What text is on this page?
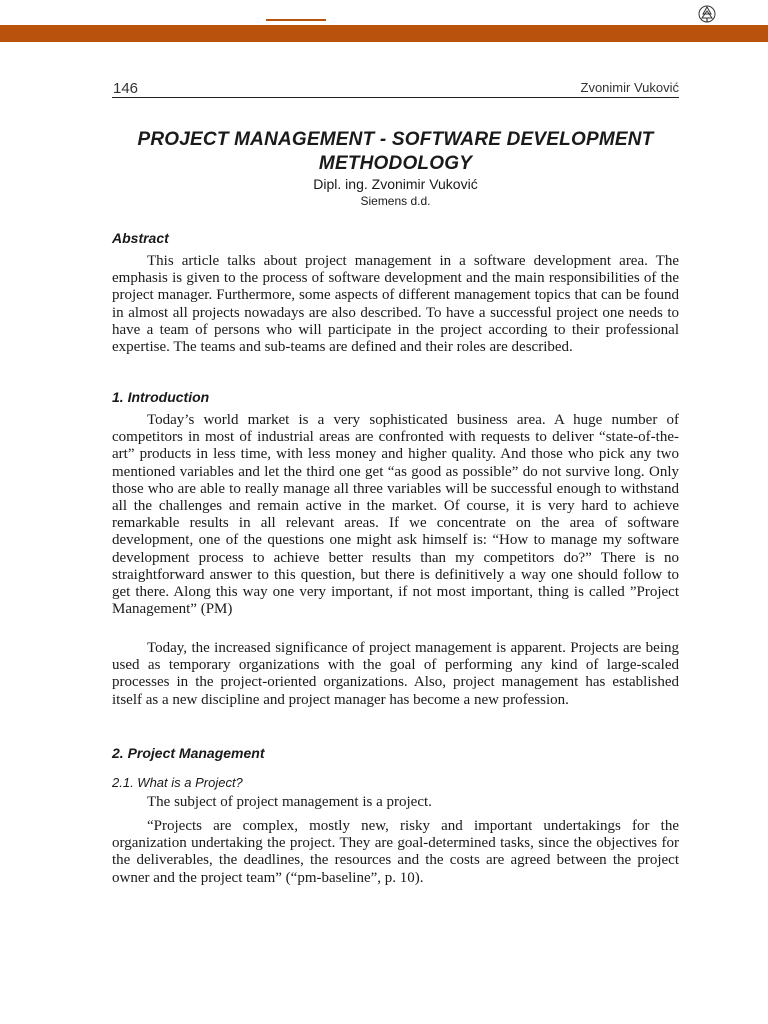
146	Zvonimir Vuković
PROJECT MANAGEMENT - SOFTWARE DEVELOPMENT
METHODOLOGY
Dipl. ing. Zvonimir Vuković
Siemens d.d.
Abstract

This article talks about project management in a software development area. The emphasis is given to the process of software development and the main responsibilities of the project manager. Furthermore, some aspects of different management topics that can be found in almost all projects nowadays are also described. To have a successful project one needs to have a team of persons who will participate in the project according to their professional expertise. The teams and sub-teams are defined and their roles are described.

1. Introduction

Today’s world market is a very sophisticated business area. A huge number of competitors in most of industrial areas are confronted with requests to deliver “state-of-the-art” products in less time, with less money and higher quality. And those who pick any two mentioned variables and let the third one get “as good as possible” do not survive long. Only those who are able to really manage all three variables will be successful enough to withstand all the challenges and remain active in the market. Of course, it is very hard to achieve remarkable results in all relevant areas. If we concentrate on the area of software development, one of the questions one might ask himself is: “How to manage my software development process to achieve better results than my competitors do?” There is no straightforward answer to this question, but there is definitively a way one should follow to get there. Along this way one very important, if not most important, thing is called ”Project Management” (PM)

Today, the increased significance of project management is apparent. Projects are being used as temporary organizations with the goal of performing any kind of large-scaled processes in the project-oriented organizations. Also, project management has established itself as a new discipline and project manager has become a new profession.

2. Project Management
2.1. What is a Project?

The subject of project management is a project.

“Projects are complex, mostly new, risky and important undertakings for the organization undertaking the project. They are goal-determined tasks, since the objectives for the deliverables, the deadlines, the resources and the costs are agreed between the project owner and the project team” (“pm-baseline”, p. 10).
